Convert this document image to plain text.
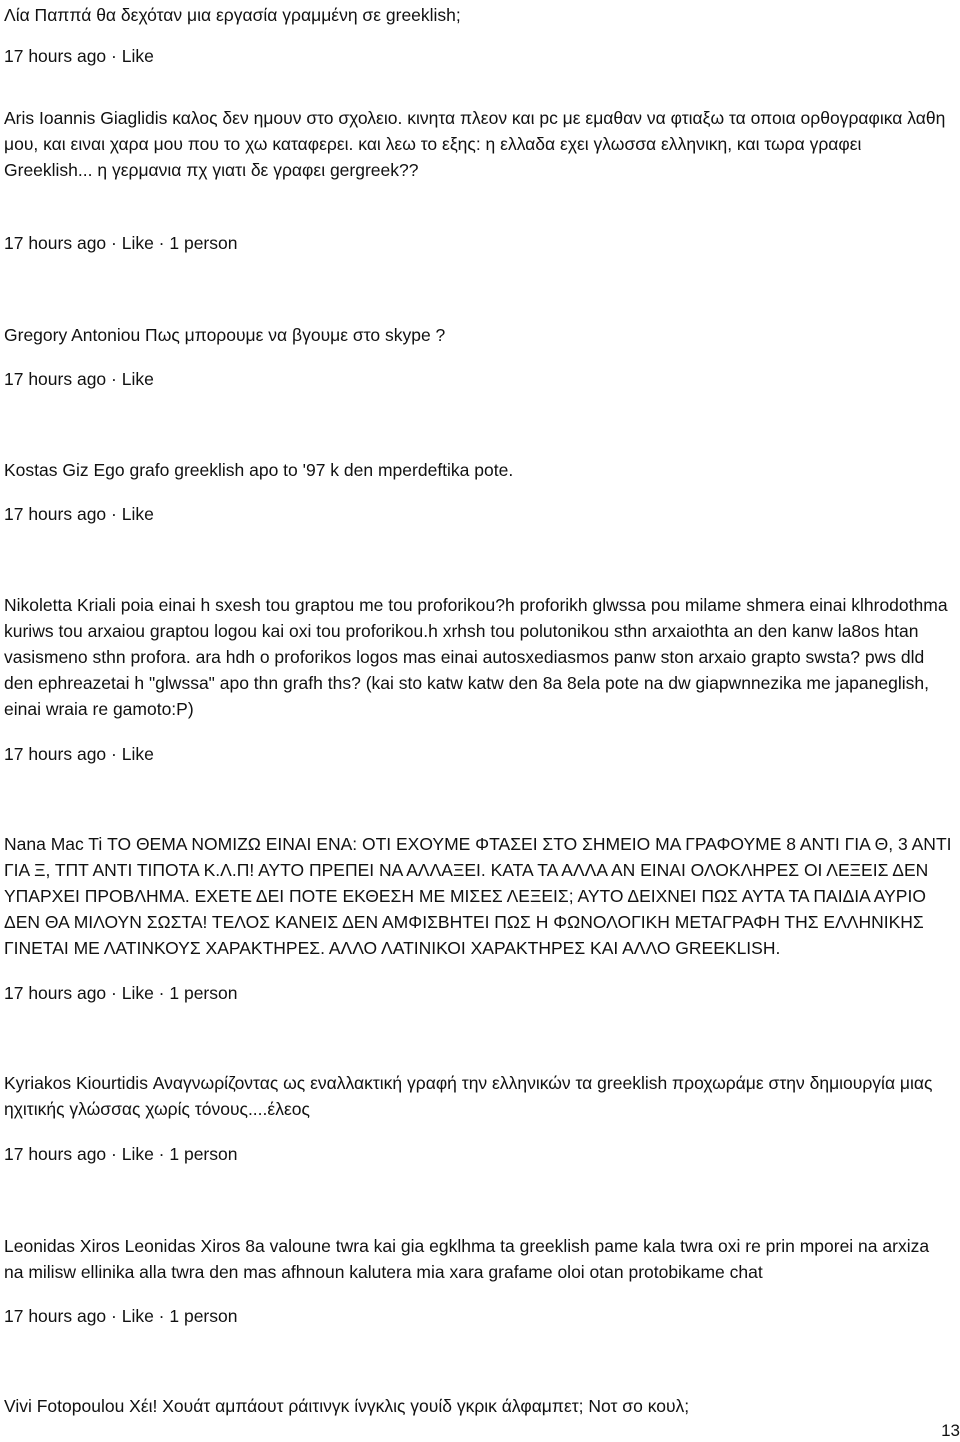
Λία Παππά θα δεχόταν μια εργασία γραμμένη σε greeklish;

17 hours ago · Like

Aris Ioannis Giaglidis καλος δεν ημουν στο σχολειο. κινητα πλεον και pc με εμαθαν να φτιαξω τα οποια ορθογραφικα λαθη μου, και ειναι χαρα μου που το χω καταφερει. και λεω το εξης: η ελλαδα εχει γλωσσα ελληνικη, και τωρα γραφει Greeklish... η γερμανια πχ γιατι δε γραφει gergreek??

17 hours ago · Like · 1 person

Gregory Antoniou Πως μπορουμε να βγουμε στο skype ?

17 hours ago · Like

Kostas Giz Ego grafo greeklish apo to '97 k den mperdeftika pote.

17 hours ago · Like

Nikoletta Kriali poia einai h sxesh tou graptou me tou proforikou?h proforikh glwssa pou milame shmera einai klhrodothma kuriws tou arxaiou graptou logou kai oxi tou proforikou.h xrhsh tou polutonikou sthn arxaiothta an den kanw la8os htan vasismeno sthn profora. ara hdh o proforikos logos mas einai autosxediasmos panw ston arxaio grapto swsta? pws dld den ephreazetai h "glwssa" apo thn grafh ths? (kai sto katw katw den 8a 8ela pote na dw giapwnnezika me japaneglish, einai wraia re gamoto:P)

17 hours ago · Like

Nana Mac Ti ΤΟ ΘΕΜΑ ΝΟΜΙΖΩ ΕΙΝΑΙ ΕΝΑ: ΟΤΙ ΕΧΟΥΜΕ ΦΤΑΣΕΙ ΣΤΟ ΣΗΜΕΙΟ ΜΑ ΓΡΑΦΟΥΜΕ 8 ΑΝΤΙ ΓΙΑ Θ, 3 ΑΝΤΙ ΓΙΑ Ξ, ΤΠΤ ΑΝΤΙ ΤΙΠΟΤΑ Κ.Λ.Π! ΑΥΤΟ ΠΡΕΠΕΙ ΝΑ ΑΛΛΑΞΕΙ. ΚΑΤΑ ΤΑ ΑΛΛΑ ΑΝ ΕΙΝΑΙ ΟΛΟΚΛΗΡΕΣ ΟΙ ΛΕΞΕΙΣ ΔΕΝ ΥΠΑΡΧΕΙ ΠΡΟΒΛΗΜΑ. ΕΧΕΤΕ ΔΕΙ ΠΟΤΕ ΕΚΘΕΣΗ ΜΕ ΜΙΣΕΣ ΛΕΞΕΙΣ; ΑΥΤΟ ΔΕΙΧΝΕΙ ΠΩΣ ΑΥΤΑ ΤΑ ΠΑΙΔΙΑ ΑΥΡΙΟ ΔΕΝ ΘΑ ΜΙΛΟΥΝ ΣΩΣΤΑ! ΤΕΛΟΣ ΚΑΝΕΙΣ ΔΕΝ ΑΜΦΙΣΒΗΤΕΙ ΠΩΣ Η ΦΩΝΟΛΟΓΙΚΗ ΜΕΤΑΓΡΑΦΗ ΤΗΣ ΕΛΛΗΝΙΚΗΣ ΓΙΝΕΤΑΙ ΜΕ ΛΑΤΙΝΚΟΥΣ ΧΑΡΑΚΤΗΡΕΣ. ΑΛΛΟ ΛΑΤΙΝΙΚΟΙ ΧΑΡΑΚΤΗΡΕΣ ΚΑΙ ΑΛΛΟ GREEKLISH.

17 hours ago · Like · 1 person

Kyriakos Kiourtidis Αναγνωρίζοντας ως εναλλακτική γραφή την ελληνικών τα greeklish προχωράμε στην δημιουργία μιας ηχιτικής γλώσσας χωρίς τόνους....έλεος

17 hours ago · Like · 1 person

Leonidas Xiros Leonidas Xiros 8a valoune twra kai gia egklhma ta greeklish pame kala twra oxi re prin mporei na arxiza na milisw ellinika alla twra den mas afhnoun kalutera mia xara grafame oloi otan protobikame chat

17 hours ago · Like · 1 person

Vivi Fotopoulou Χέι! Χουάτ αμπάουτ ράιτινγκ ίνγκλις γουίδ γκρικ άλφαμπετ; Νοτ σο κουλ;

13
